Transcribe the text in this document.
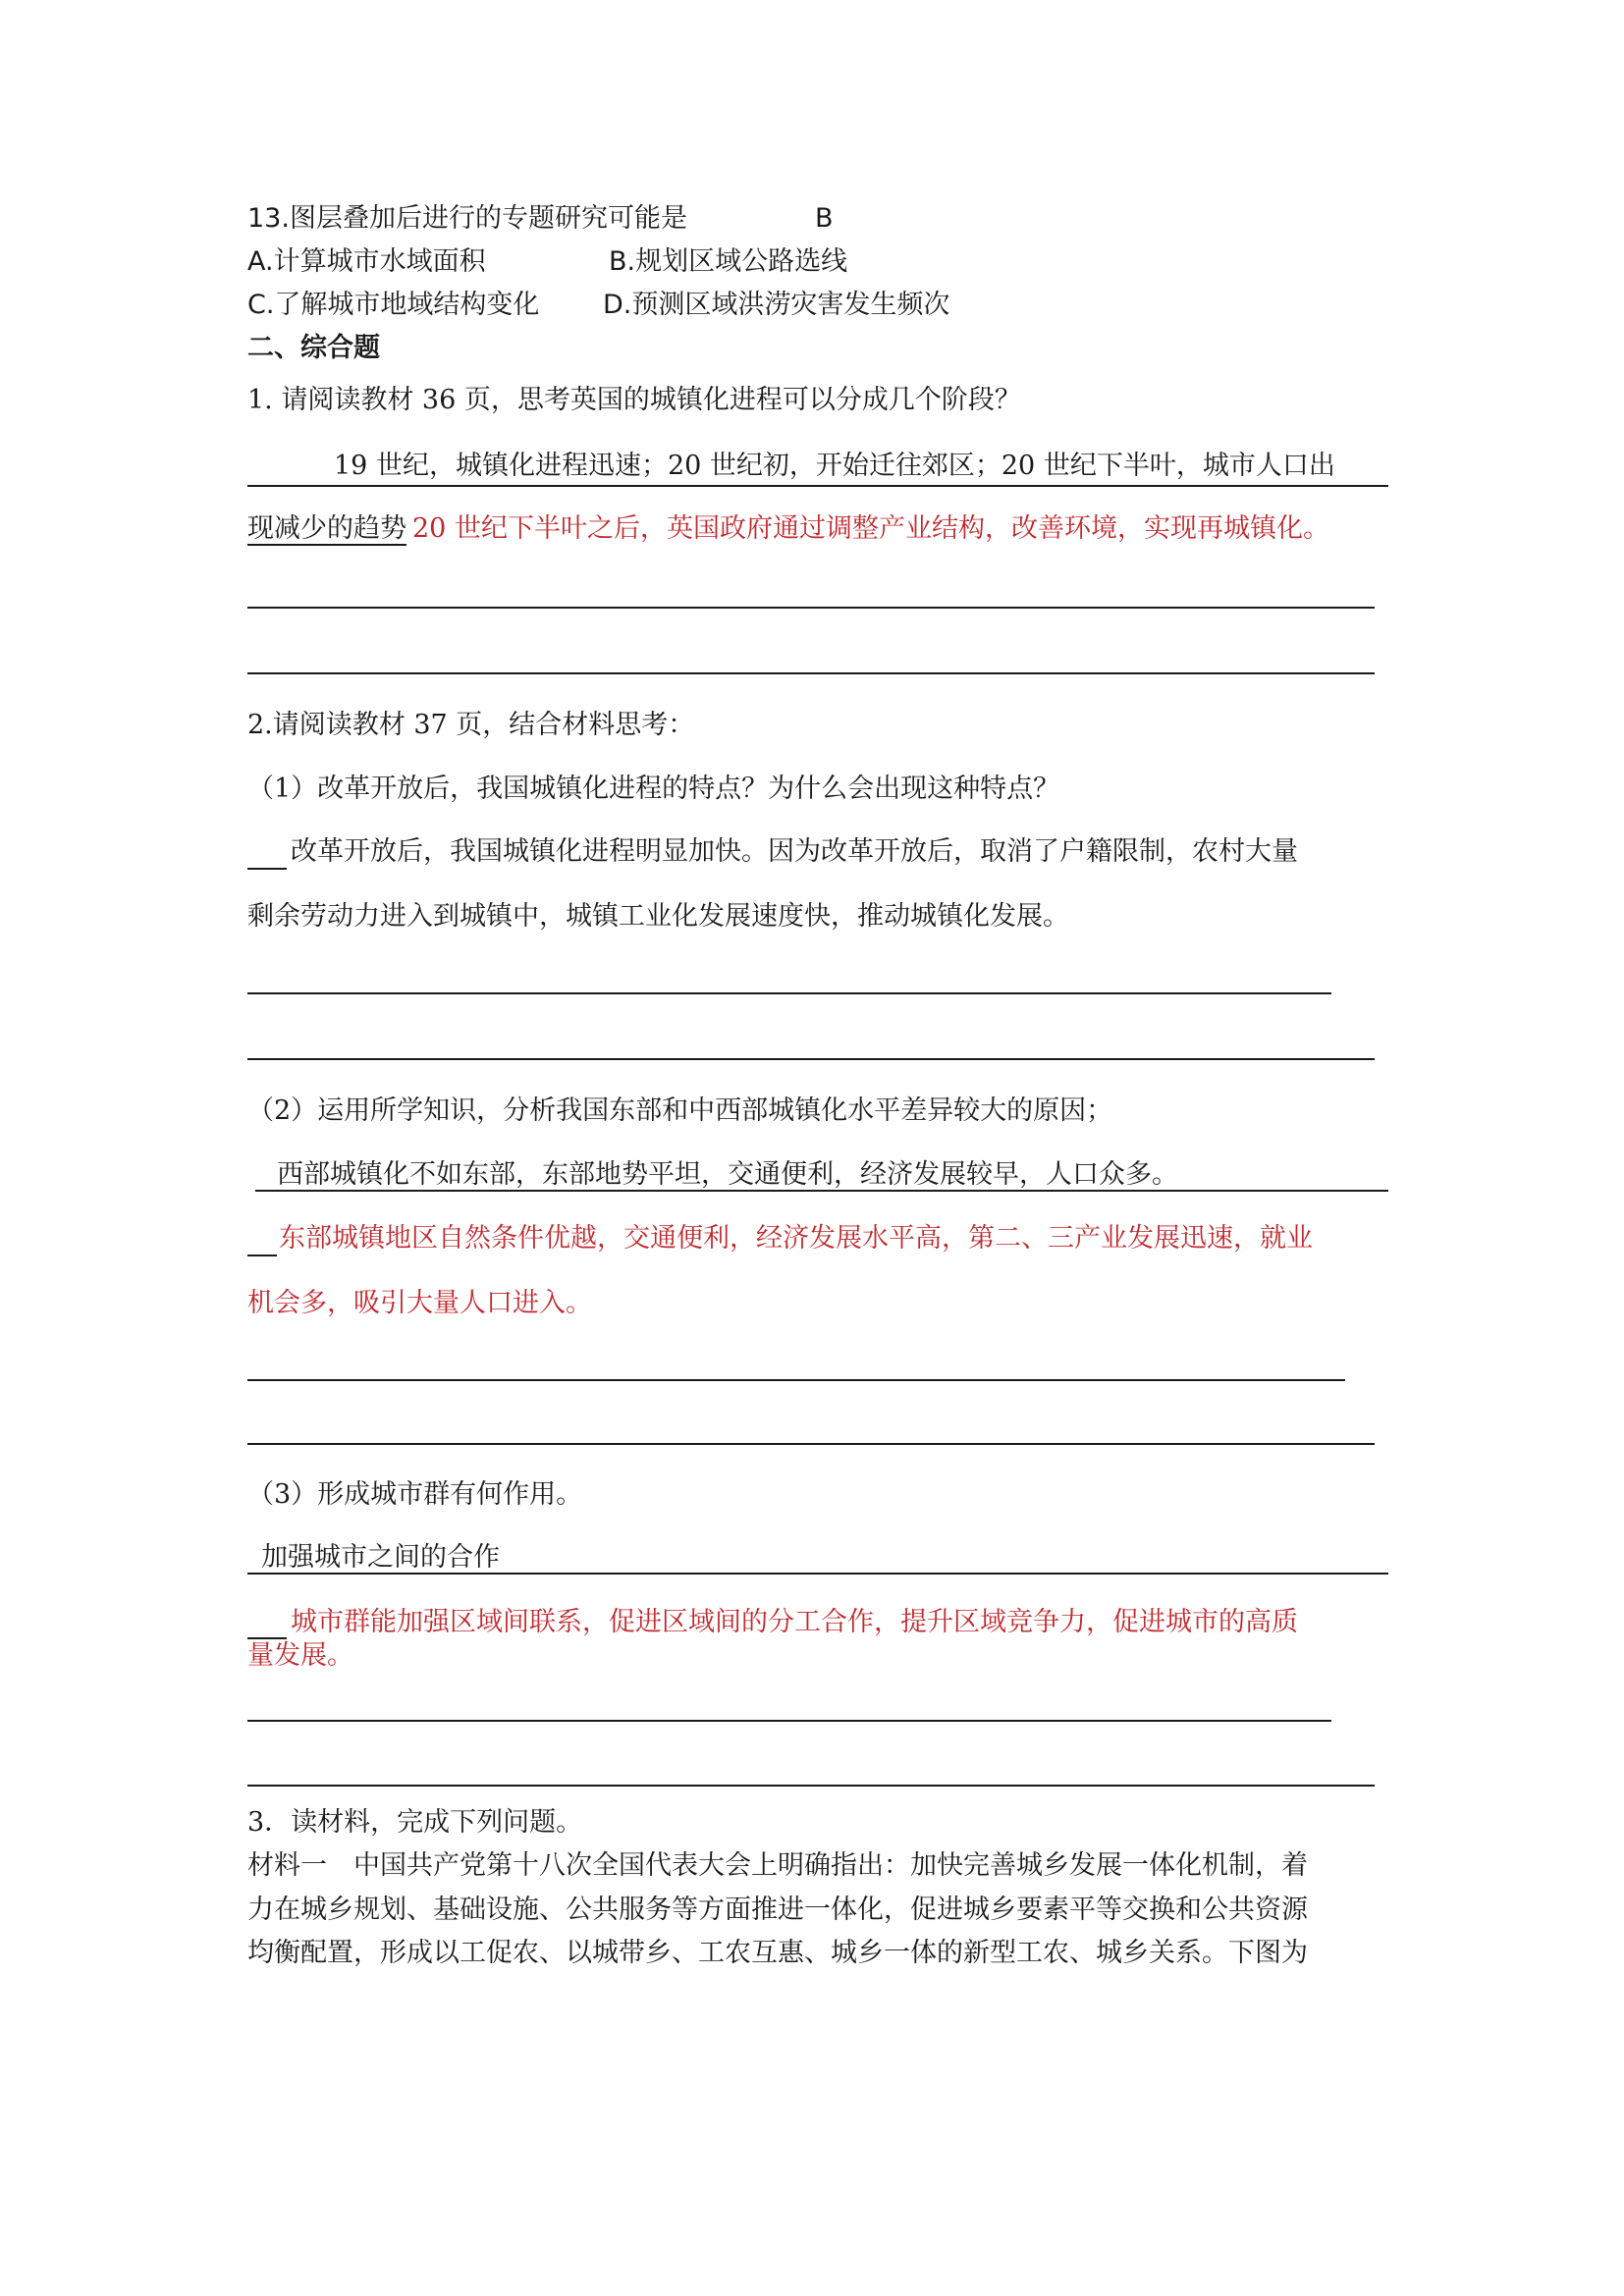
13.图层叠加后进行的专题研究可能是	B
A.计算城市水域面积	B.规划区域公路选线
C.了解城市地域结构变化 D.预测区域洪涝灾害发生频次
二、综合题
1. 请阅读教材 36 页，思考英国的城镇化进程可以分成几个阶段？
19 世纪，城镇化进程迅速；20 世纪初，开始迁往郊区；20 世纪下半叶，城市人口出
现减少的趋势 20 世纪下半叶之后，英国政府通过调整产业结构，改善环境，实现再城镇化。
2.请阅读教材 37 页，结合材料思考：
（1）改革开放后，我国城镇化进程的特点？为什么会出现这种特点？
改革开放后，我国城镇化进程明显加快。因为改革开放后，取消了户籍限制，农村大量
剩余劳动力进入到城镇中，城镇工业化发展速度快，推动城镇化发展。
（2）运用所学知识，分析我国东部和中西部城镇化水平差异较大的原因；
西部城镇化不如东部，东部地势平坦，交通便利，经济发展较早，人口众多。
东部城镇地区自然条件优越，交通便利，经济发展水平高，第二、三产业发展迅速，就业
机会多，吸引大量人口进入。
（3）形成城市群有何作用。
加强城市之间的合作
城市群能加强区域间联系，促进区域间的分工合作，提升区域竞争力，促进城市的高质
量发展。
3．读材料，完成下列问题。
材料一　中国共产党第十八次全国代表大会上明确指出：加快完善城乡发展一体化机制，着
力在城乡规划、基础设施、公共服务等方面推进一体化，促进城乡要素平等交换和公共资源
均衡配置，形成以工促农、以城带乡、工农互惠、城乡一体的新型工农、城乡关系。下图为
